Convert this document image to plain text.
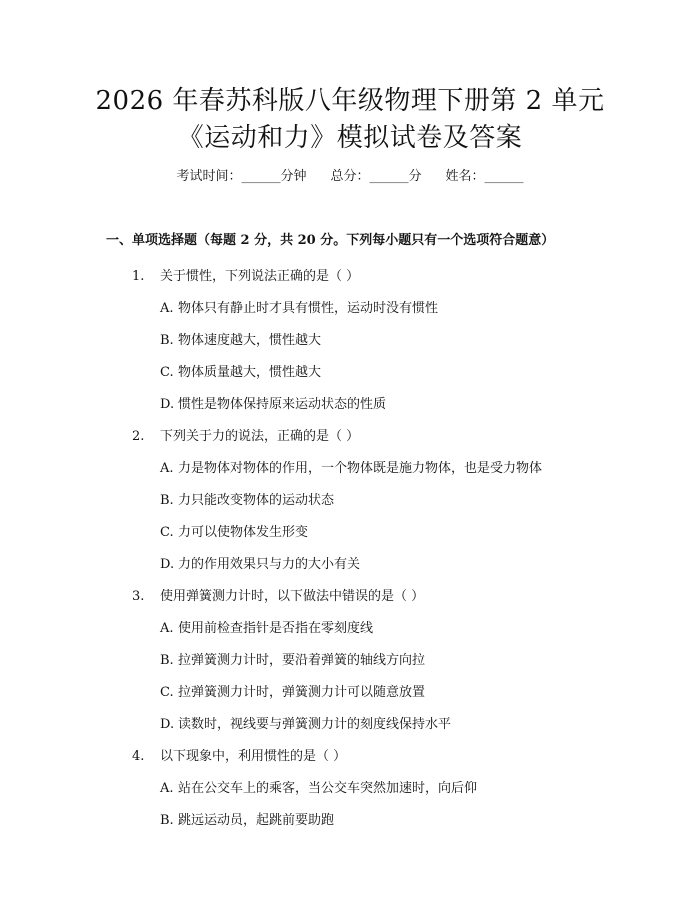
2026 年春苏科版八年级物理下册第 2 单元
《运动和力》模拟试卷及答案
考试时间：______分钟 总分：______分 姓名：______
一、单项选择题（每题 2 分，共 20 分。下列每小题只有一个选项符合题意）
1. 关于惯性，下列说法正确的是（ ）
A. 物体只有静止时才具有惯性，运动时没有惯性
B. 物体速度越大，惯性越大
C. 物体质量越大，惯性越大
D. 惯性是物体保持原来运动状态的性质
2. 下列关于力的说法，正确的是（ ）
A. 力是物体对物体的作用，一个物体既是施力物体，也是受力物体
B. 力只能改变物体的运动状态
C. 力可以使物体发生形变
D. 力的作用效果只与力的大小有关
3. 使用弹簧测力计时，以下做法中错误的是（ ）
A. 使用前检查指针是否指在零刻度线
B. 拉弹簧测力计时，要沿着弹簧的轴线方向拉
C. 拉弹簧测力计时，弹簧测力计可以随意放置
D. 读数时，视线要与弹簧测力计的刻度线保持水平
4. 以下现象中，利用惯性的是（ ）
A. 站在公交车上的乘客，当公交车突然加速时，向后仰
B. 跳远运动员，起跳前要助跑
